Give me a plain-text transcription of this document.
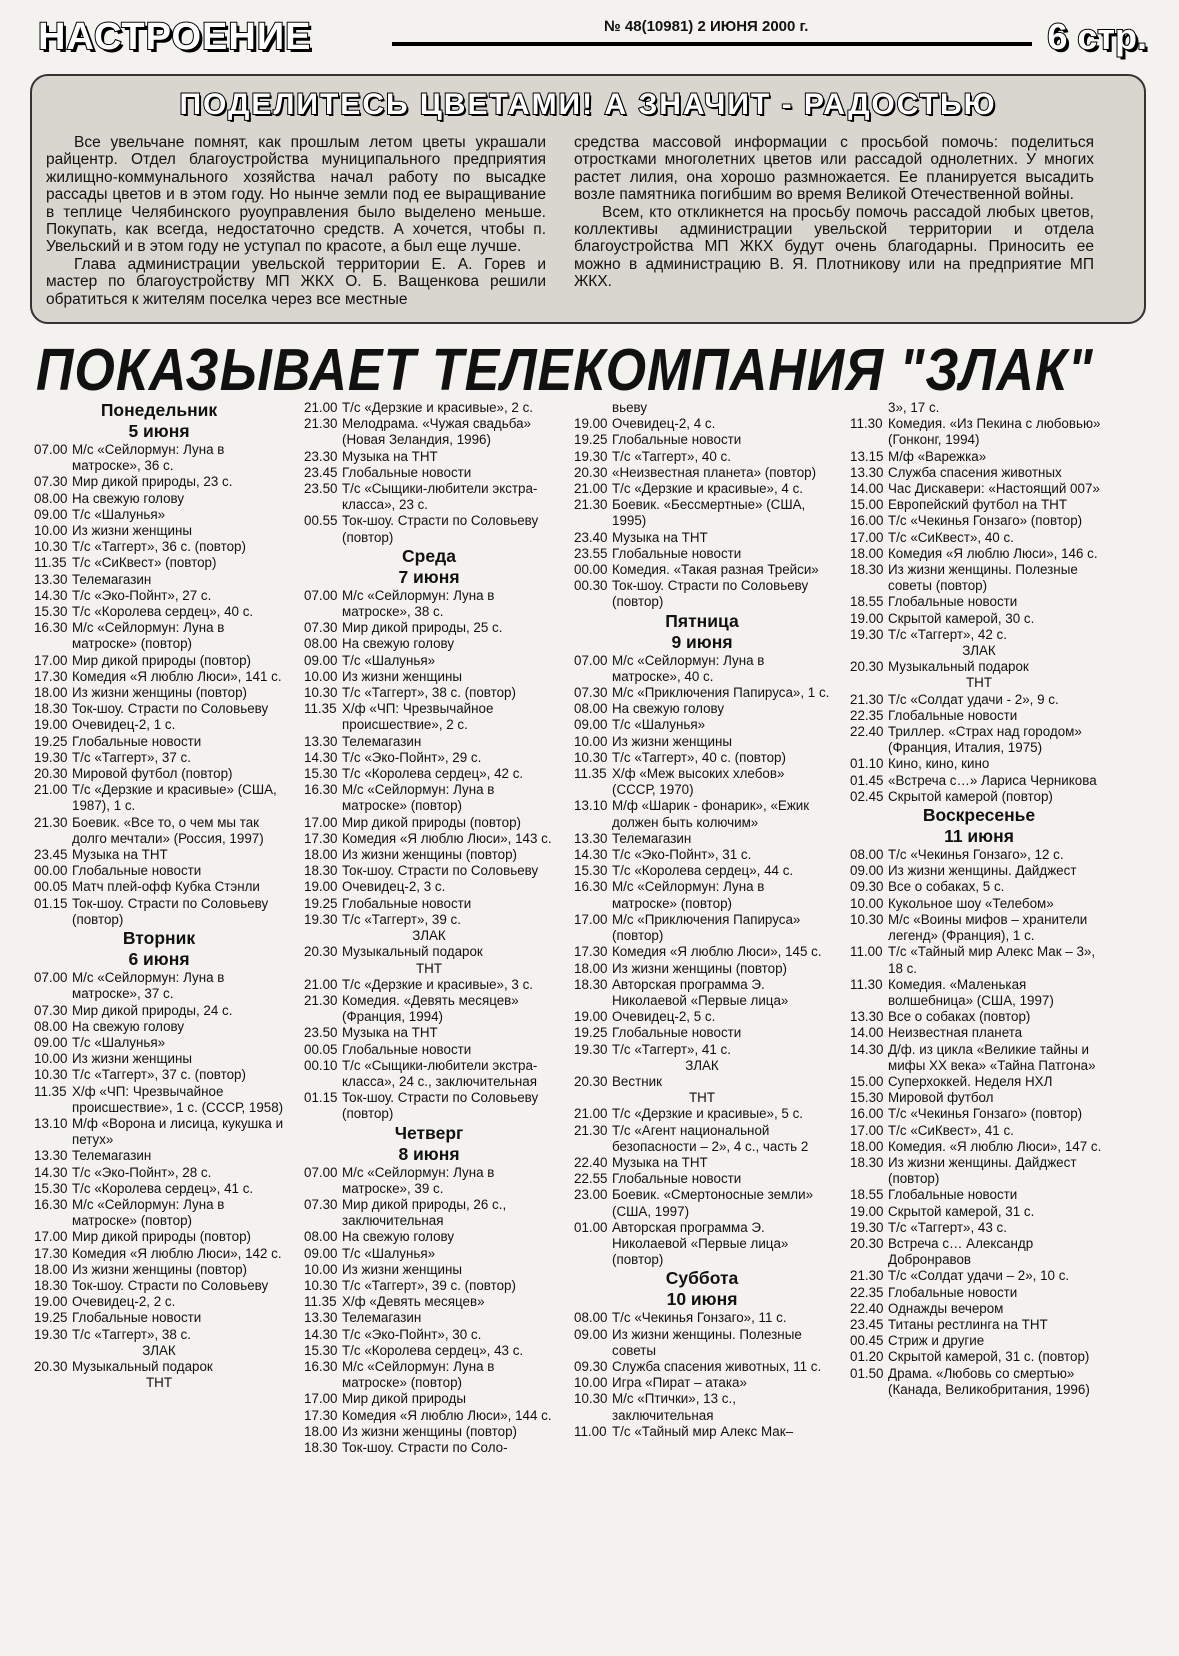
НАСТРОЕНИЕ	№ 48(10981) 2 ИЮНЯ 2000 г.	6 стр.
ПОДЕЛИТЕСЬ ЦВЕТАМИ! А ЗНАЧИТ - РАДОСТЬЮ

Все увельчане помнят, как прошлым летом цветы украшали райцентр. Отдел благоустройства муниципального предприятия жилищно-коммунального хозяйства начал работу по высадке рассады цветов и в этом году. Но нынче земли под ее выращивание в теплице Челябинского руоуправления было выделено меньше. Покупать, как всегда, недостаточно средств. А хочется, чтобы п. Увельский и в этом году не уступал по красоте, а был еще лучше.

Глава администрации увельской территории Е. А. Горев и мастер по благоустройству МП ЖКХ О. Б. Ващенкова решили обратиться к жителям поселка через все местные

средства массовой информации с просьбой помочь: поделиться отростками многолетних цветов или рассадой однолетних. У многих растет лилия, она хорошо размножается. Ее планируется высадить возле памятника погибшим во время Великой Отечественной войны.

Всем, кто откликнется на просьбу помочь рассадой любых цветов, коллективы администрации увельской территории и отдела благоустройства МП ЖКХ будут очень благодарны. Приносить ее можно в администрацию В. Я. Плотникову или на предприятие МП ЖКХ.

ПОКАЗЫВАЕТ ТЕЛЕКОМПАНИЯ "ЗЛАК"
Понедельник
5 июня
07.00 М/с «Сейлормун: Луна в матроске», 36 с.
07.30 Мир дикой природы, 23 с.
08.00 На свежую голову
09.00 Т/с «Шалунья»
10.00 Из жизни женщины
10.30 Т/с «Таггерт», 36 с. (повтор)
11.35 Т/с «СиКвест» (повтор)
13.30 Телемагазин
14.30 Т/с «Эко-Пойнт», 27 с.
15.30 Т/с «Королева сердец», 40 с.
16.30 М/с «Сейлормун: Луна в матроске» (повтор)
17.00 Мир дикой природы (повтор)
17.30 Комедия «Я люблю Люси», 141 с.
18.00 Из жизни женщины (повтор)
18.30 Ток-шоу. Страсти по Соловьеву
19.00 Очевидец-2, 1 с.
19.25 Глобальные новости
19.30 Т/с «Таггерт», 37 с.
20.30 Мировой футбол (повтор)
21.00 Т/с «Дерзкие и красивые» (США, 1987), 1 с.
21.30 Боевик. «Все то, о чем мы так долго мечтали» (Россия, 1997)
23.45 Музыка на ТНТ
00.00 Глобальные новости
00.05 Матч плей-офф Кубка Стэнли
01.15 Ток-шоу. Страсти по Соловьеву (повтор)
Вторник
6 июня
07.00 М/с «Сейлормун: Луна в матроске», 37 с.
07.30 Мир дикой природы, 24 с.
08.00 На свежую голову
09.00 Т/с «Шалунья»
10.00 Из жизни женщины
10.30 Т/с «Таггерт», 37 с. (повтор)
11.35 Х/ф «ЧП: Чрезвычайное происшествие», 1 с. (СССР, 1958)
13.10 М/ф «Ворона и лисица, кукушка и петух»
13.30 Телемагазин
14.30 Т/с «Эко-Пойнт», 28 с.
15.30 Т/с «Королева сердец», 41 с.
16.30 М/с «Сейлормун: Луна в матроске» (повтор)
17.00 Мир дикой природы (повтор)
17.30 Комедия «Я люблю Люси», 142 с.
18.00 Из жизни женщины (повтор)
18.30 Ток-шоу. Страсти по Соловьеву
19.00 Очевидец-2, 2 с.
19.25 Глобальные новости
19.30 Т/с «Таггерт», 38 с.
ЗЛАК
20.30 Музыкальный подарок
ТНТ
21.00 Т/с «Дерзкие и красивые», 2 с.
21.30 Мелодрама. «Чужая свадьба» (Новая Зеландия, 1996)
23.30 Музыка на ТНТ
23.45 Глобальные новости
23.50 Т/с «Сыщики-любители экстра-класса», 23 с.
00.55 Ток-шоу. Страсти по Соловьеву (повтор)
Среда
7 июня
07.00 М/с «Сейлормун: Луна в матроске», 38 с.
07.30 Мир дикой природы, 25 с.
08.00 На свежую голову
09.00 Т/с «Шалунья»
10.00 Из жизни женщины
10.30 Т/с «Таггерт», 38 с. (повтор)
11.35 Х/ф «ЧП: Чрезвычайное происшествие», 2 с.
13.30 Телемагазин
14.30 Т/с «Эко-Пойнт», 29 с.
15.30 Т/с «Королева сердец», 42 с.
16.30 М/с «Сейлормун: Луна в матроске» (повтор)
17.00 Мир дикой природы (повтор)
17.30 Комедия «Я люблю Люси», 143 с.
18.00 Из жизни женщины (повтор)
18.30 Ток-шоу. Страсти по Соловьеву
19.00 Очевидец-2, 3 с.
19.25 Глобальные новости
19.30 Т/с «Таггерт», 39 с.
ЗЛАК
20.30 Музыкальный подарок
ТНТ
21.00 Т/с «Дерзкие и красивые», 3 с.
21.30 Комедия. «Девять месяцев» (Франция, 1994)
23.50 Музыка на ТНТ
00.05 Глобальные новости
00.10 Т/с «Сыщики-любители экстра-класса», 24 с., заключительная
01.15 Ток-шоу. Страсти по Соловьеву (повтор)
Четверг
8 июня
07.00 М/с «Сейлормун: Луна в матроске», 39 с.
07.30 Мир дикой природы, 26 с., заключительная
08.00 На свежую голову
09.00 Т/с «Шалунья»
10.00 Из жизни женщины
10.30 Т/с «Таггерт», 39 с. (повтор)
11.35 Х/ф «Девять месяцев»
13.30 Телемагазин
14.30 Т/с «Эко-Пойнт», 30 с.
15.30 Т/с «Королева сердец», 43 с.
16.30 М/с «Сейлормун: Луна в матроске» (повтор)
17.00 Мир дикой природы
17.30 Комедия «Я люблю Люси», 144 с.
18.00 Из жизни женщины (повтор)
18.30 Ток-шоу. Страсти по Соло-
вьеву
19.00 Очевидец-2, 4 с.
19.25 Глобальные новости
19.30 Т/с «Таггерт», 40 с.
20.30 «Неизвестная планета» (повтор)
21.00 Т/с «Дерзкие и красивые», 4 с.
21.30 Боевик. «Бессмертные» (США, 1995)
23.40 Музыка на ТНТ
23.55 Глобальные новости
00.00 Комедия. «Такая разная Трейси»
00.30 Ток-шоу. Страсти по Соловьеву (повтор)
Пятница
9 июня
07.00 М/с «Сейлормун: Луна в матроске», 40 с.
07.30 М/с «Приключения Папируса», 1 с.
08.00 На свежую голову
09.00 Т/с «Шалунья»
10.00 Из жизни женщины
10.30 Т/с «Таггерт», 40 с. (повтор)
11.35 Х/ф «Меж высоких хлебов» (СССР, 1970)
13.10 М/ф «Шарик - фонарик», «Ежик должен быть колючим»
13.30 Телемагазин
14.30 Т/с «Эко-Пойнт», 31 с.
15.30 Т/с «Королева сердец», 44 с.
16.30 М/с «Сейлормун: Луна в матроске» (повтор)
17.00 М/с «Приключения Папируса» (повтор)
17.30 Комедия «Я люблю Люси», 145 с.
18.00 Из жизни женщины (повтор)
18.30 Авторская программа Э. Николаевой «Первые лица»
19.00 Очевидец-2, 5 с.
19.25 Глобальные новости
19.30 Т/с «Таггерт», 41 с.
ЗЛАК
20.30 Вестник
ТНТ
21.00 Т/с «Дерзкие и красивые», 5 с.
21.30 Т/с «Агент национальной безопасности – 2», 4 с., часть 2
22.40 Музыка на ТНТ
22.55 Глобальные новости
23.00 Боевик. «Смертоносные земли» (США, 1997)
01.00 Авторская программа Э. Николаевой «Первые лица» (повтор)
Суббота
10 июня
08.00 Т/с «Чекинья Гонзаго», 11 с.
09.00 Из жизни женщины. Полезные советы
09.30 Служба спасения животных, 11 с.
10.00 Игра «Пират – атака»
10.30 М/с «Птички», 13 с., заключительная
11.00 Т/с «Тайный мир Алекс Мак–
3», 17 с.
11.30 Комедия. «Из Пекина с любовью» (Гонконг, 1994)
13.15 М/ф «Варежка»
13.30 Служба спасения животных
14.00 Час Дискавери: «Настоящий 007»
15.00 Европейский футбол на ТНТ
16.00 Т/с «Чекинья Гонзаго» (повтор)
17.00 Т/с «СиКвест», 40 с.
18.00 Комедия «Я люблю Люси», 146 с.
18.30 Из жизни женщины. Полезные советы (повтор)
18.55 Глобальные новости
19.00 Скрытой камерой, 30 с.
19.30 Т/с «Таггерт», 42 с.
ЗЛАК
20.30 Музыкальный подарок
ТНТ
21.30 Т/с «Солдат удачи - 2», 9 с.
22.35 Глобальные новости
22.40 Триллер. «Страх над городом» (Франция, Италия, 1975)
01.10 Кино, кино, кино
01.45 «Встреча с…» Лариса Черникова
02.45 Скрытой камерой (повтор)
Воскресенье
11 июня
08.00 Т/с «Чекинья Гонзаго», 12 с.
09.00 Из жизни женщины. Дайджест
09.30 Все о собаках, 5 с.
10.00 Кукольное шоу «Телебом»
10.30 М/с «Воины мифов – хранители легенд» (Франция), 1 с.
11.00 Т/с «Тайный мир Алекс Мак – 3», 18 с.
11.30 Комедия. «Маленькая волшебница» (США, 1997)
13.30 Все о собаках (повтор)
14.00 Неизвестная планета
14.30 Д/ф. из цикла «Великие тайны и мифы XX века» «Тайна Патгона»
15.00 Суперхоккей. Неделя НХЛ
15.30 Мировой футбол
16.00 Т/с «Чекинья Гонзаго» (повтор)
17.00 Т/с «СиКвест», 41 с.
18.00 Комедия. «Я люблю Люси», 147 с.
18.30 Из жизни женщины. Дайджест (повтор)
18.55 Глобальные новости
19.00 Скрытой камерой, 31 с.
19.30 Т/с «Таггерт», 43 с.
20.30 Встреча с… Александр Добронравов
21.30 Т/с «Солдат удачи – 2», 10 с.
22.35 Глобальные новости
22.40 Однажды вечером
23.45 Титаны рестлинга на ТНТ
00.45 Стриж и другие
01.20 Скрытой камерой, 31 с. (повтор)
01.50 Драма. «Любовь со смертью» (Канада, Великобритания, 1996)
